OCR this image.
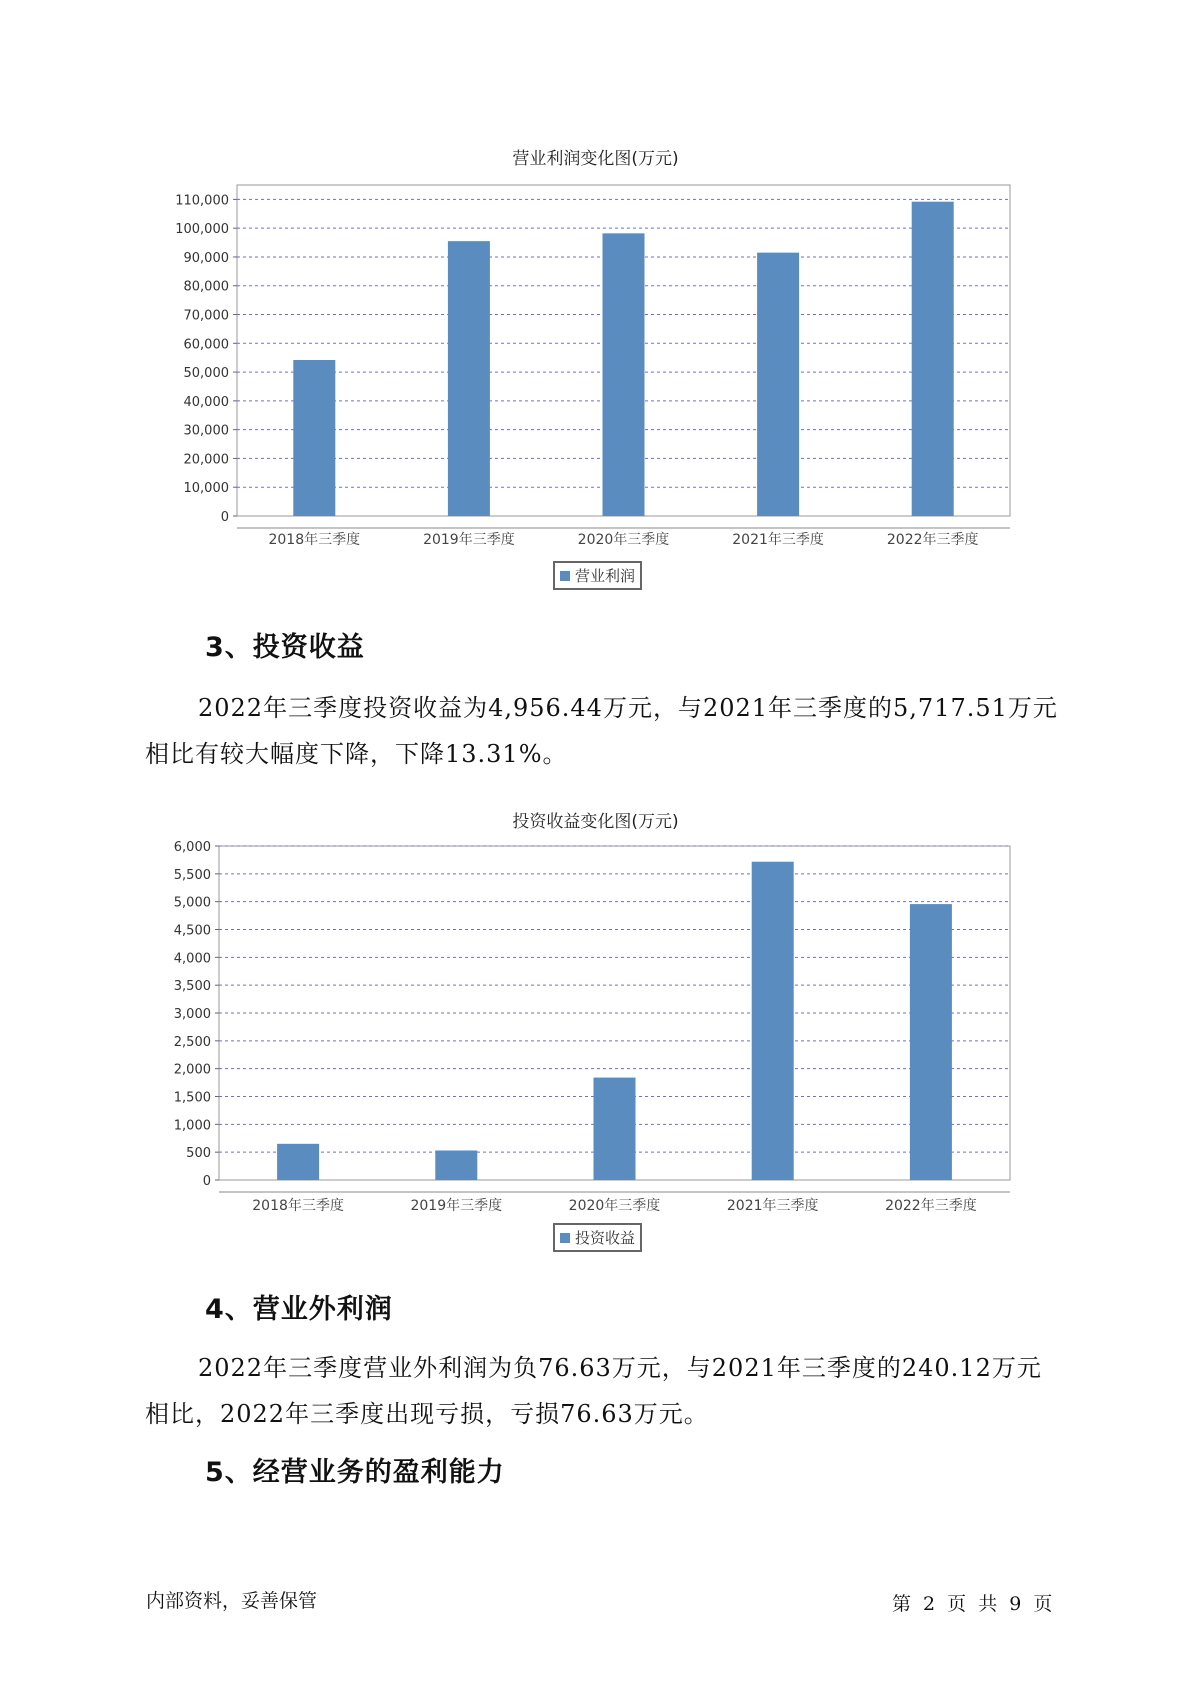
营业利润变化图(万元)
0
10,000
20,000
30,000
40,000
50,000
60,000
70,000
80,000
90,000
100,000
110,000
2018年三季度	2019年三季度	2020年三季度	2021年三季度	2022年三季度
营业利润
3、投资收益
2022年三季度投资收益为4,956.44万元，与2021年三季度的5,717.51万元相比有较大幅度下降，下降13.31%。
投资收益变化图(万元)
0
500
1,000
1,500
2,000
2,500
3,000
3,500
4,000
4,500
5,000
5,500
6,000
2018年三季度	2019年三季度	2020年三季度	2021年三季度	2022年三季度
投资收益
4、营业外利润
2022年三季度营业外利润为负76.63万元，与2021年三季度的240.12万元相比，2022年三季度出现亏损，亏损76.63万元。
5、经营业务的盈利能力
内部资料，妥善保管	第 2 页 共 9 页
